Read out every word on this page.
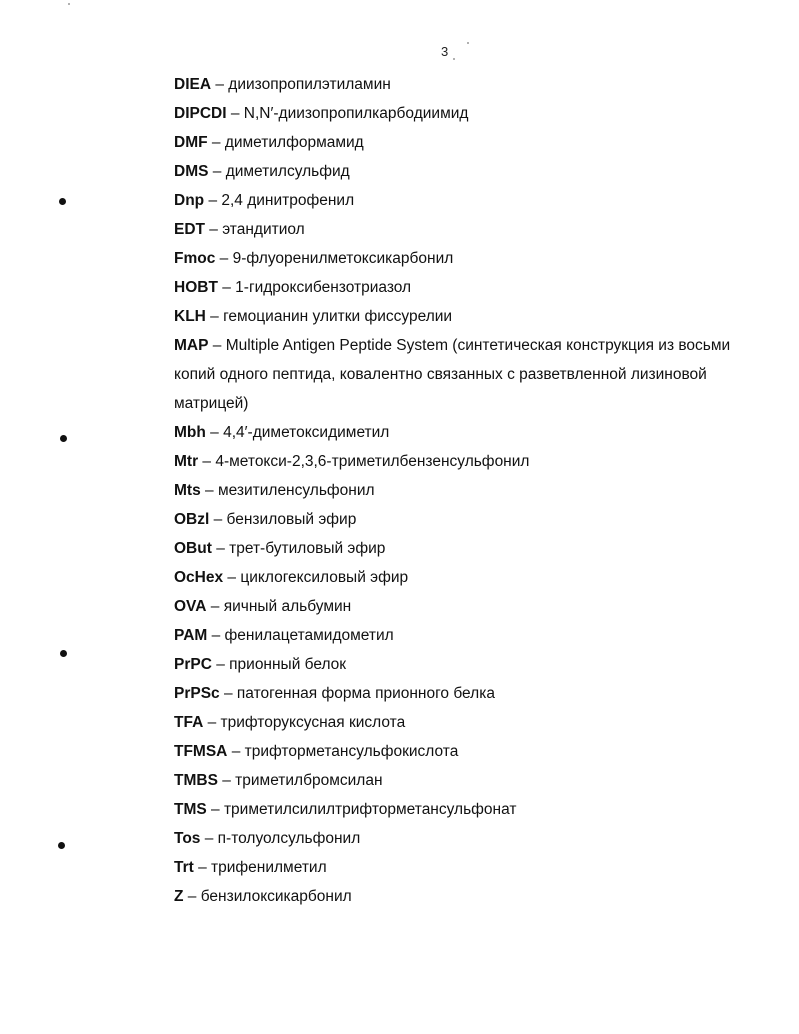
3
DIEA – диизопропилэтиламин
DIPCDI – N,N′-диизопропилкарбодиимид
DMF – диметилформамид
DMS – диметилсульфид
Dnp – 2,4 динитрофенил
EDT – этандитиол
Fmoc – 9-флуоренилметоксикарбонил
HOBT – 1-гидроксибензотриазол
KLH – гемоцианин улитки фиссурелии
MAP – Multiple Antigen Peptide System (синтетическая конструкция из восьми копий одного пептида, ковалентно связанных с разветвленной лизиновой матрицей)
Mbh – 4,4′-диметоксидиметил
Mtr – 4-метокси-2,3,6-триметилбензенсульфонил
Mts – мезитиленсульфонил
OBzl – бензиловый эфир
OBut – трет-бутиловый эфир
OcHex – циклогексиловый эфир
OVA – яичный альбумин
PAM – фенилацетамидометил
PrPC – прионный белок
PrPSc – патогенная форма прионного белка
TFA – трифторуксусная кислота
TFMSA – трифторметансульфокислота
TMBS – триметилбромсилан
TMS – триметилсилилтрифторметансульфонат
Tos – п-толуолсульфонил
Trt – трифенилметил
Z – бензилоксикарбонил
